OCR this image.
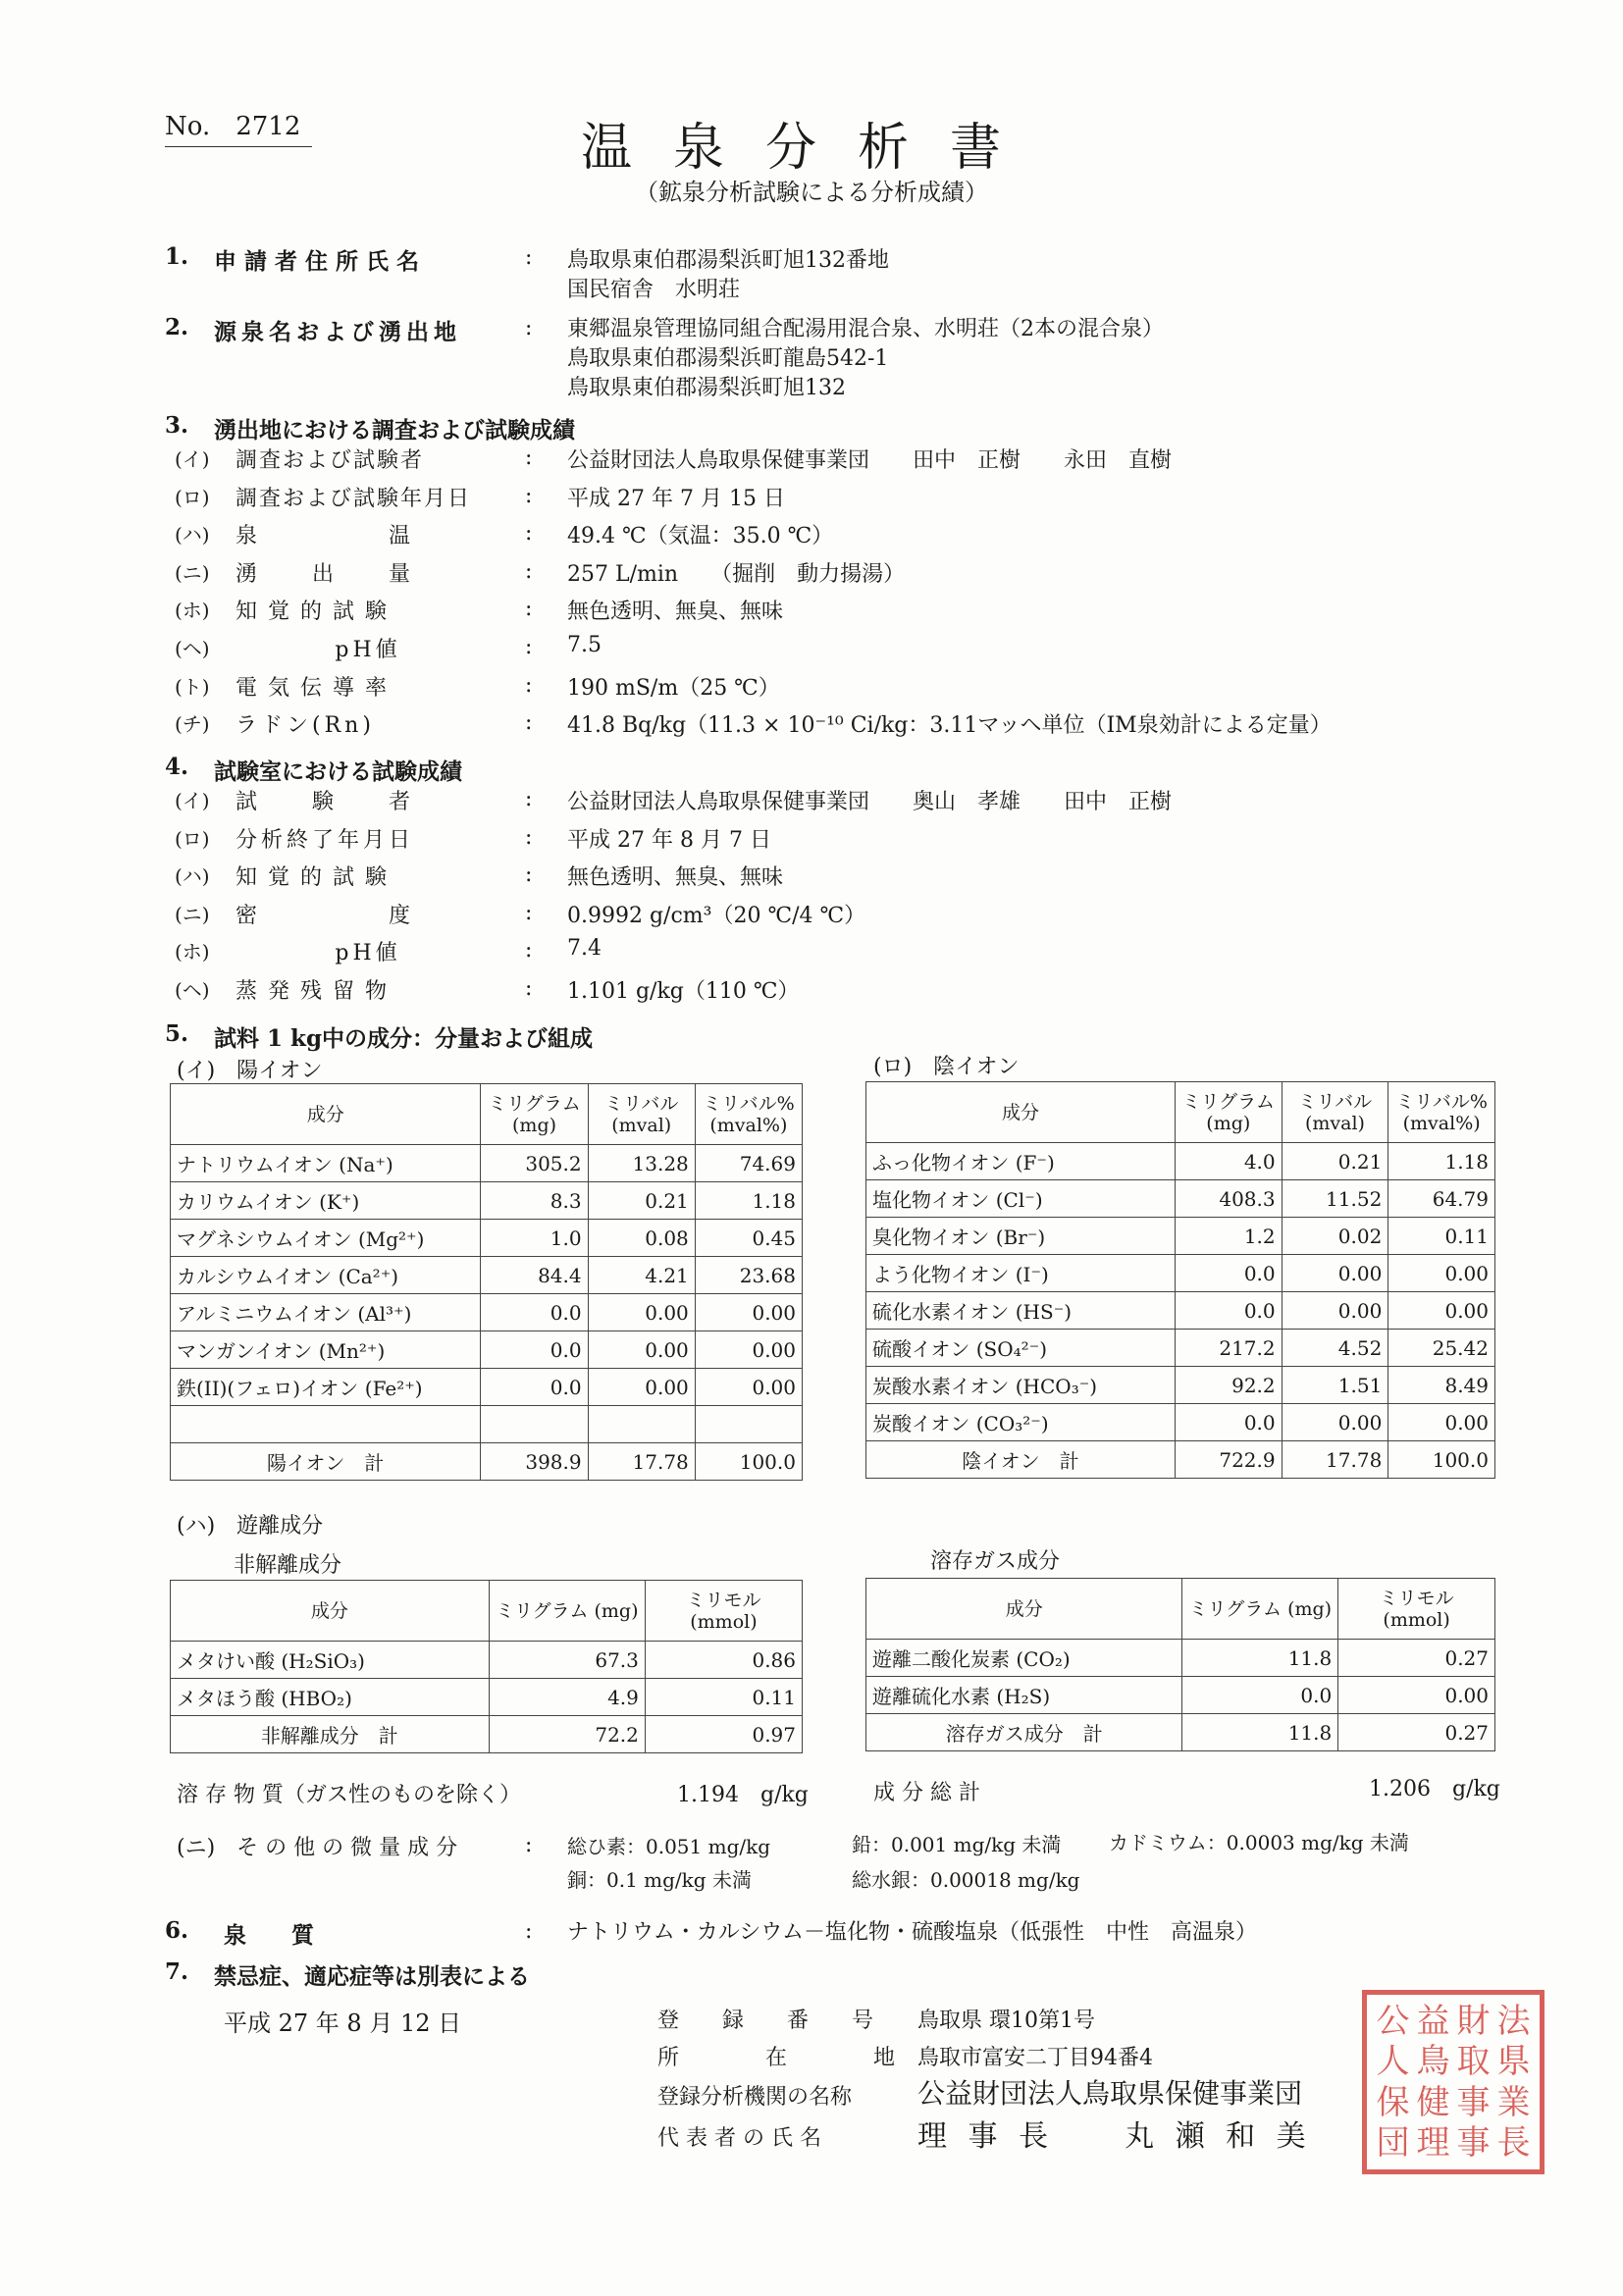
No.　2712	温泉分析書
（鉱泉分析試験による分析成績）
1. 申請者住所氏名	: 鳥取県東伯郡湯梨浜町旭132番地
国民宿舎　水明荘
2. 源泉名および湧出地	: 東郷温泉管理協同組合配湯用混合泉、水明荘（2本の混合泉）
鳥取県東伯郡湯梨浜町龍島542-1
鳥取県東伯郡湯梨浜町旭132
3. 湧出地における調査および試験成績
(イ) 調査および試験者	: 公益財団法人鳥取県保健事業団　　田中　正樹　　永田　直樹
(ロ) 調査および試験年月日	: 平成 27 年 7 月 15 日
(ハ) 泉　　　　　温	: 49.4 ℃（気温：35.0 ℃）
(ニ) 湧　　出　　量	: 257 L/min　　（掘削　動力揚湯）
(ホ) 知 覚 的 試 験	: 無色透明、無臭、無味
(ヘ)	pH値	: 7.5
(ト) 電 気 伝 導 率	: 190 mS/m（25 ℃）
(チ) ラドン(Rn)	: 41.8 Bq/kg（11.3 × 10⁻¹⁰ Ci/kg：3.11マッヘ単位（IM泉効計による定量）
4. 試験室における試験成績
(イ) 試　　験　　者	: 公益財団法人鳥取県保健事業団　　奥山　孝雄　　田中　正樹
(ロ) 分析終了年月日	: 平成 27 年 8 月 7 日
(ハ) 知 覚 的 試 験	: 無色透明、無臭、無味
(ニ) 密　　　　　度	: 0.9992 g/cm³（20 ℃/4 ℃）
(ホ)	pH値	: 7.4
(ヘ) 蒸 発 残 留 物	: 1.101 g/kg（110 ℃）
5. 試料 1 kg中の成分：分量および組成
(イ)　陽イオン	(ロ)　陰イオン
成分	ミリグラム (mg)	ミリバル (mval)	ミリバル% (mval%)
ナトリウムイオン (Na⁺)	305.2	13.28	74.69
カリウムイオン (K⁺)	8.3	0.21	1.18
マグネシウムイオン (Mg²⁺)	1.0	0.08	0.45
カルシウムイオン (Ca²⁺)	84.4	4.21	23.68
アルミニウムイオン (Al³⁺)	0.0	0.00	0.00
マンガンイオン (Mn²⁺)	0.0	0.00	0.00
鉄(II)(フェロ)イオン (Fe²⁺)	0.0	0.00	0.00

陽イオン　計	398.9	17.78	100.0
成分	ミリグラム (mg)	ミリバル (mval)	ミリバル% (mval%)
ふっ化物イオン (F⁻)	4.0	0.21	1.18
塩化物イオン (Cl⁻)	408.3	11.52	64.79
臭化物イオン (Br⁻)	1.2	0.02	0.11
よう化物イオン (I⁻)	0.0	0.00	0.00
硫化水素イオン (HS⁻)	0.0	0.00	0.00
硫酸イオン (SO₄²⁻)	217.2	4.52	25.42
炭酸水素イオン (HCO₃⁻)	92.2	1.51	8.49
炭酸イオン (CO₃²⁻)	0.0	0.00	0.00
陰イオン　計	722.9	17.78	100.0
(ハ)　遊離成分
非解離成分	溶存ガス成分
成分	ミリグラム (mg)	ミリモル (mmol)
メタけい酸 (H₂SiO₃)	67.3	0.86
メタほう酸 (HBO₂)	4.9	0.11
非解離成分　計	72.2	0.97
成分	ミリグラム (mg)	ミリモル (mmol)
遊離二酸化炭素 (CO₂)	11.8	0.27
遊離硫化水素 (H₂S)	0.0	0.00
溶存ガス成分　計	11.8	0.27
溶 存 物 質（ガス性のものを除く）	1.194　g/kg	成 分 総 計	1.206　g/kg
(ニ)　そ の 他 の 微 量 成 分	: 総ひ素：0.051 mg/kg	鉛：0.001 mg/kg 未満 カドミウム：0.0003 mg/kg 未満
銅：0.1 mg/kg 未満	総水銀：0.00018 mg/kg
6. 泉　　質	: ナトリウム・カルシウム－塩化物・硫酸塩泉（低張性　中性　高温泉）
7. 禁忌症、適応症等は別表による
平成 27 年 8 月 12 日	登　　録　　番　　号 鳥取県 環10第1号
所　　　　在　　　　地 鳥取市富安二丁目94番4
登録分析機関の名称 公益財団法人鳥取県保健事業団
代 表 者 の 氏 名	理 事 長　　丸 瀬 和 美
公 益 財 法
人 鳥 取 県
保 健 事 業
団 理 事 長
